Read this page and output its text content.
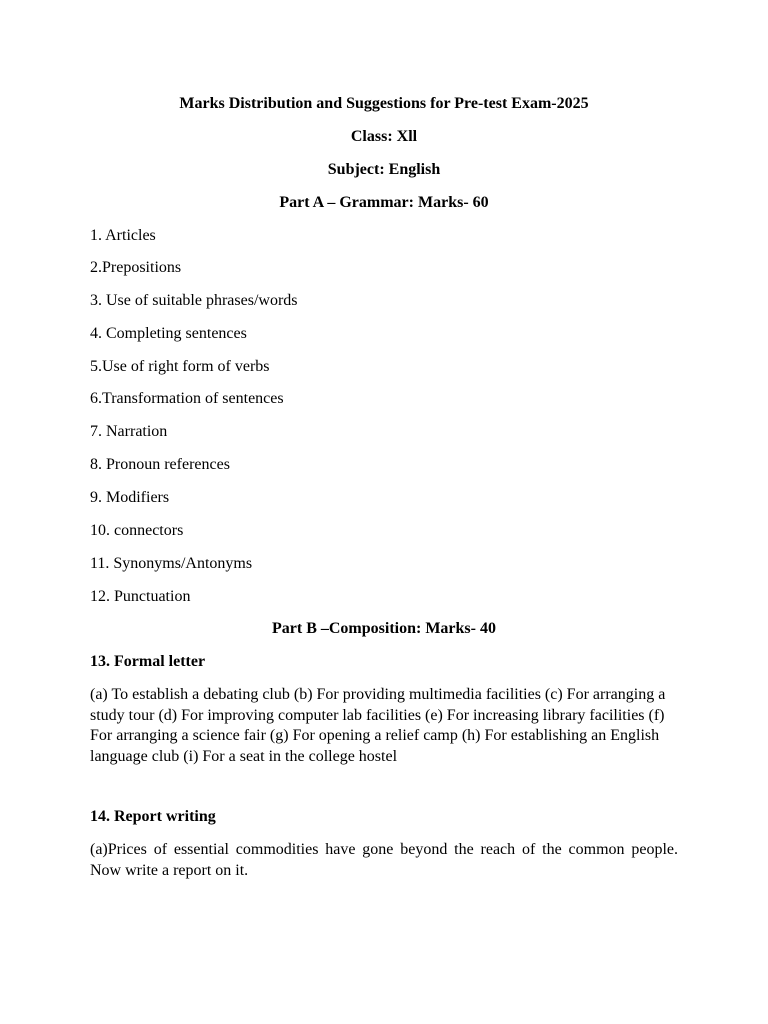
Marks Distribution and Suggestions for Pre-test Exam-2025
Class: Xll
Subject: English
Part A – Grammar: Marks- 60
1. Articles
2.Prepositions
3. Use of suitable phrases/words
4. Completing sentences
5.Use of right form of verbs
6.Transformation of sentences
7. Narration
8. Pronoun references
9. Modifiers
10. connectors
11. Synonyms/Antonyms
12. Punctuation
Part B –Composition: Marks- 40
13. Formal letter
(a) To establish a debating club (b) For providing multimedia facilities (c) For arranging a study tour (d) For improving computer lab facilities (e) For increasing library facilities (f) For arranging a science fair (g) For opening a relief camp (h) For establishing an English language club (i) For a seat in the college hostel
14. Report writing
(a)Prices of essential commodities have gone beyond the reach of the common people. Now write a report on it.
